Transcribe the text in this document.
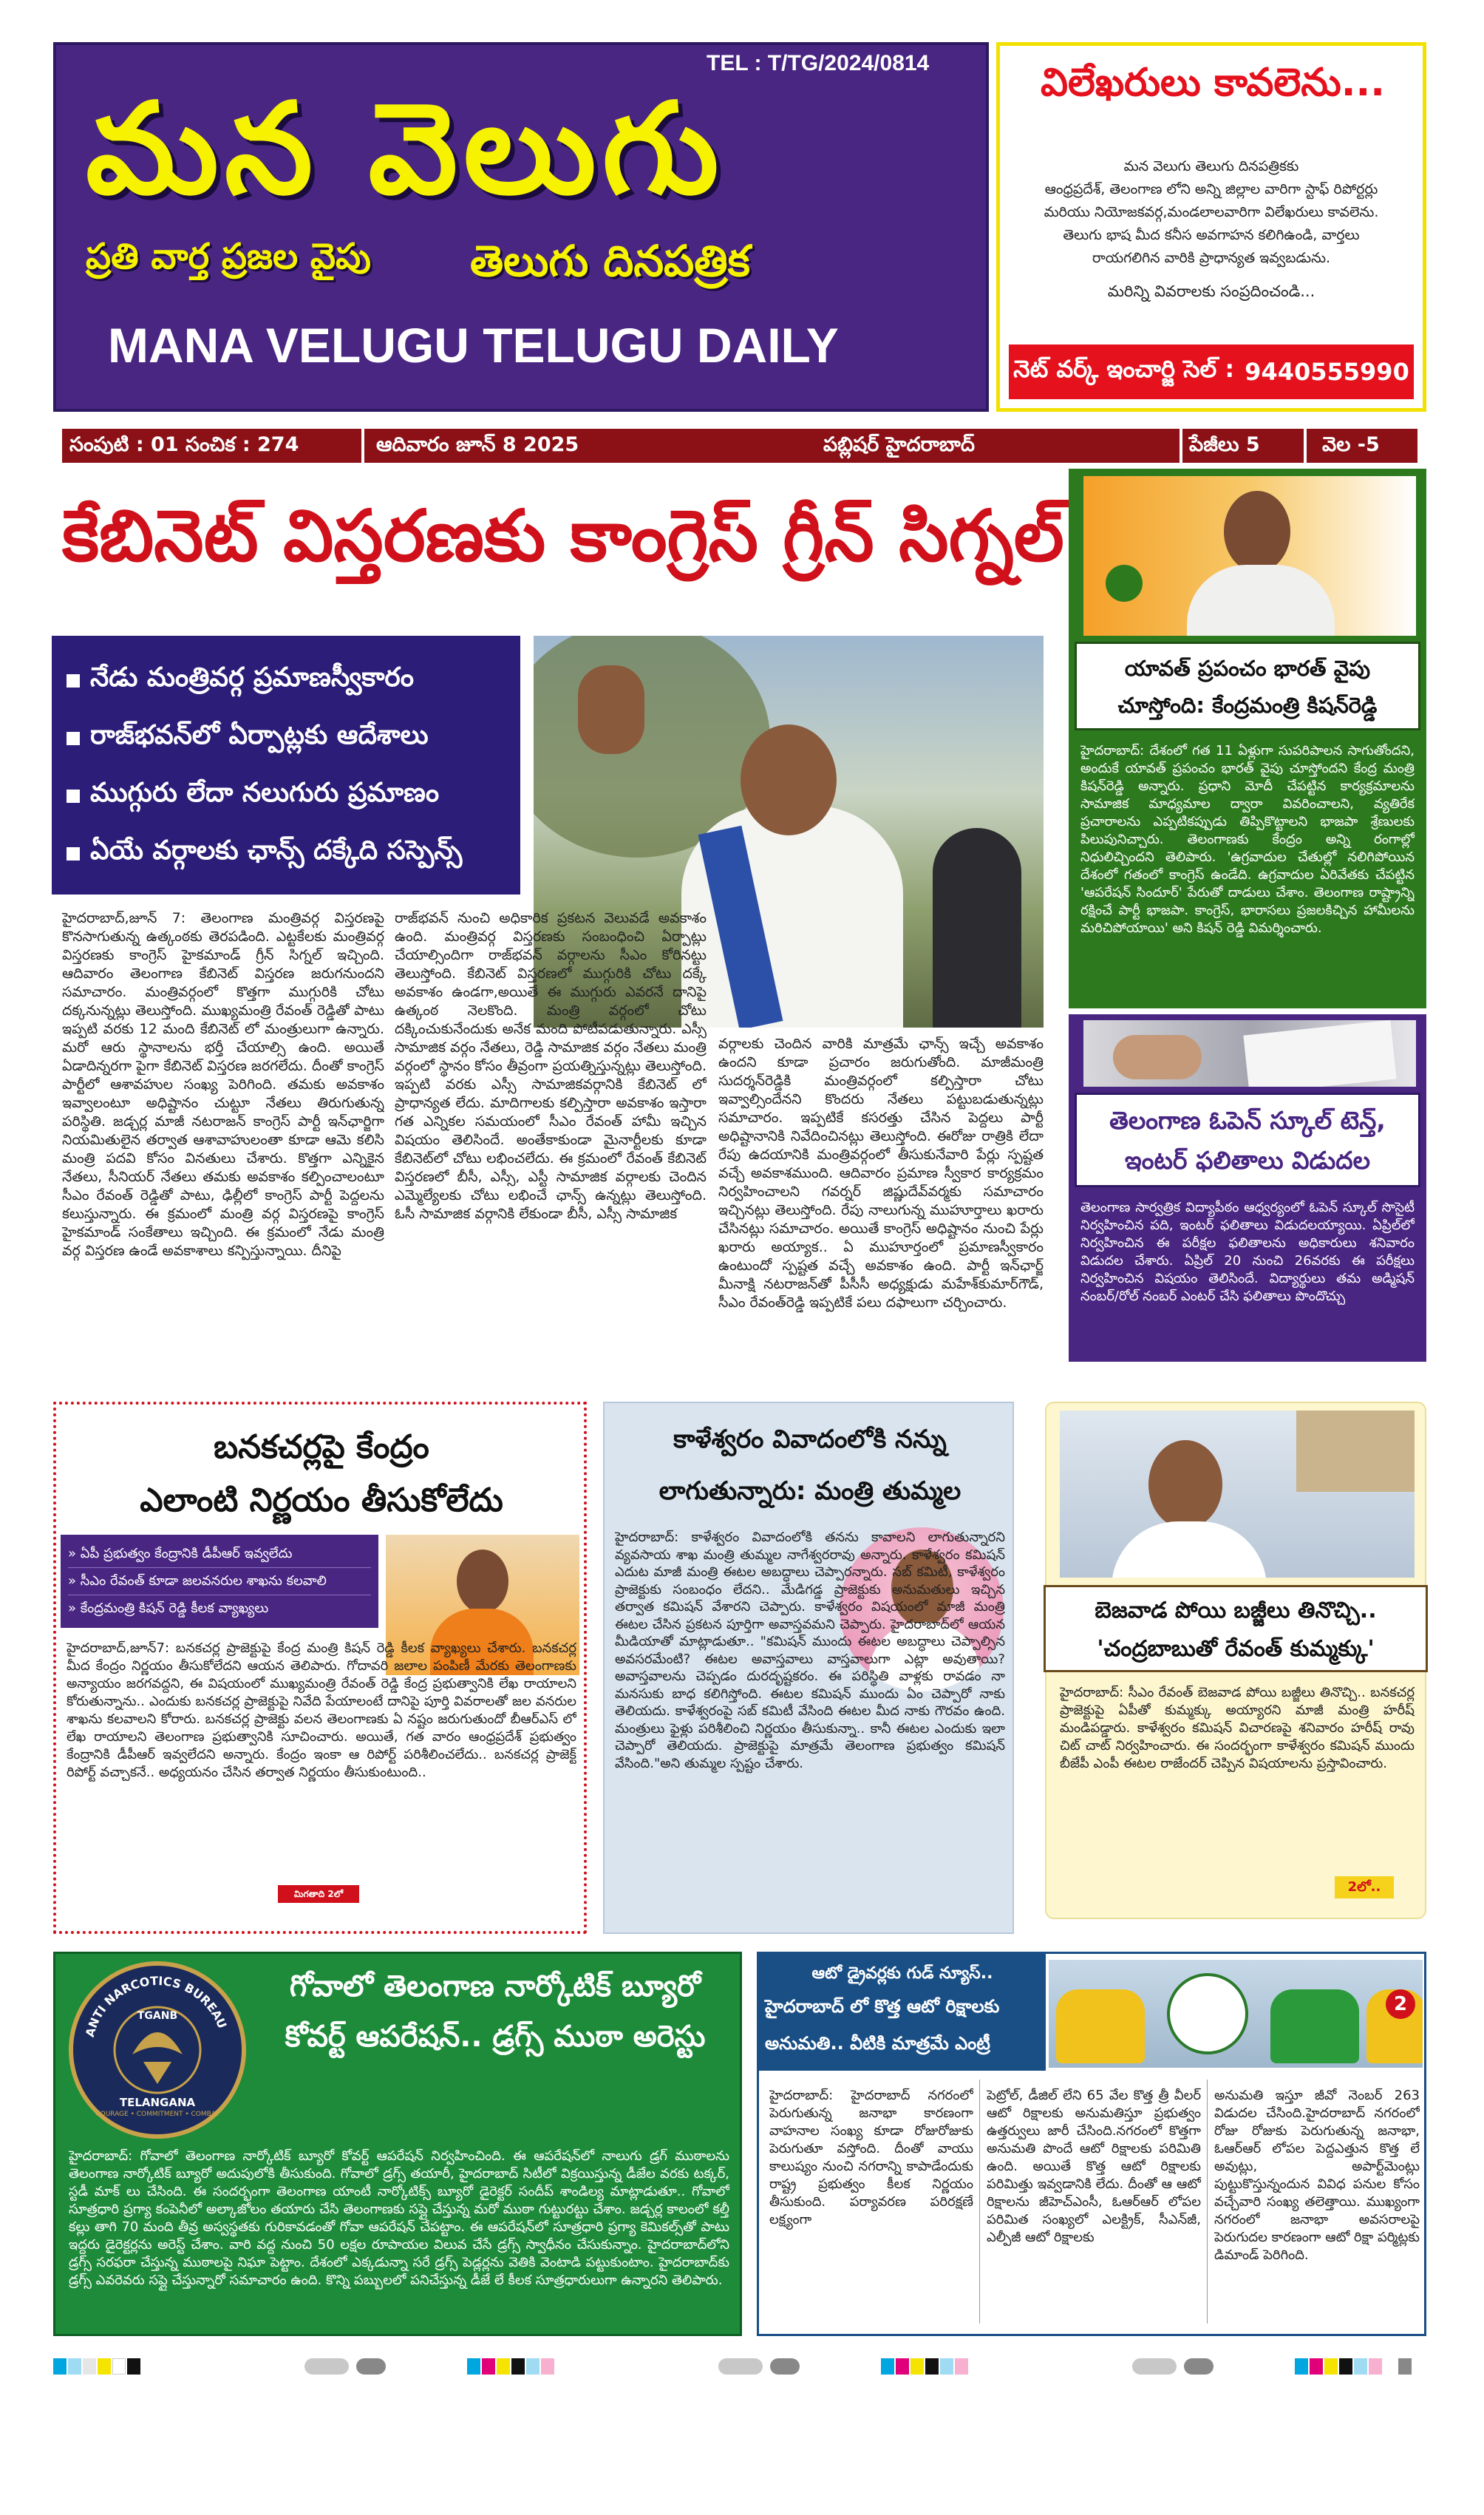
TEL : T/TG/2024/0814
మన వెలుగు
ప్రతి వార్త ప్రజల వైపు	తెలుగు దినపత్రిక
MANA VELUGU TELUGU DAILY
విలేఖరులు కావలెను...
మన వెలుగు తెలుగు దినపత్రికకు
ఆంధ్రప్రదేశ్, తెలంగాణ లోని అన్ని జిల్లాల వారిగా స్టాఫ్ రిపోర్టర్లు
మరియు నియోజకవర్గ,మండలాలవారిగా విలేఖరులు కావలెను.
తెలుగు భాష మీద కనీస అవగాహన కలిగిఉండి, వార్తలు
రాయగలిగిన వారికి ప్రాధాన్యత ఇవ్వబడును.
మరిన్ని వివరాలకు సంప్రదించండి...
నెట్ వర్క్ ఇంచార్జి సెల్ : 9440555990
సంపుటి : 01 సంచిక : 274	ఆదివారం జూన్ 8 2025	పబ్లిషర్ హైదరాబాద్	పేజీలు 5	వెల -5
కేబినెట్ విస్తరణకు కాంగ్రెస్ గ్రీన్ సిగ్నల్
నేడు మంత్రివర్గ ప్రమాణస్వీకారం
రాజ్‌భవన్‌లో ఏర్పాట్లకు ఆదేశాలు
ముగ్గురు లేదా నలుగురు ప్రమాణం
ఏయే వర్గాలకు ఛాన్స్ దక్కేది సస్పెన్స్

హైదరాబాద్,జూన్ 7: తెలంగాణ మంత్రివర్గ విస్తరణపై కొనసాగుతున్న ఉత్కంఠకు తెరపడింది. ఎట్టకేలకు మంత్రివర్గ విస్తరణకు కాంగ్రెస్ హైకమాండ్ గ్రీన్ సిగ్నల్ ఇచ్చింది. ఆదివారం తెలంగాణ కేబినెట్ విస్తరణ జరుగనుందని సమాచారం. మంత్రివర్గంలో కొత్తగా ముగ్గురికి చోటు దక్కనున్నట్లు తెలుస్తోంది. ముఖ్యమంత్రి రేవంత్ రెడ్డితో పాటు ఇప్పటి వరకు 12 మంది కేబినెట్ లో మంత్రులుగా ఉన్నారు. మరో ఆరు స్థానాలను భర్తీ చేయాల్సి ఉంది. అయితే ఏడాదిన్నరగా పైగా కేబినెట్ విస్తరణ జరగలేదు. దీంతో కాంగ్రెస్ పార్టీలో ఆశావహుల సంఖ్య పెరిగింది. తమకు అవకాశం ఇవ్వాలంటూ అధిష్టానం చుట్టూ నేతలు తిరుగుతున్న పరిస్థితి. జడ్చర్ల మాజీ నటరాజన్ కాంగ్రెస్ పార్టీ ఇన్‌ఛార్జిగా నియమితులైన తర్వాత ఆశావాహులంతా కూడా ఆమె కలిసి మంత్రి పదవి కోసం వినతులు చేశారు. కొత్తగా ఎన్నికైన నేతలు, సీనియర్ నేతలు తమకు అవకాశం కల్పించాలంటూ సీఎం రేవంత్ రెడ్డితో పాటు, ఢిల్లీలో కాంగ్రెస్ పార్టీ పెద్దలను కలుస్తున్నారు. ఈ క్రమంలో మంత్రి వర్గ విస్తరణపై కాంగ్రెస్ హైకమాండ్ సంకేతాలు ఇచ్చింది. ఈ క్రమంలో నేడు మంత్రి వర్గ విస్తరణ ఉండే అవకాశాలు కన్పిస్తున్నాయి. దీనిపై

రాజ్‌భవన్ నుంచి అధికారిక ప్రకటన వెలువడే అవకాశం ఉంది. మంత్రివర్గ విస్తరణకు సంబంధించి ఏర్పాట్లు చేయాల్సిందిగా రాజ్‌భవన్ వర్గాలను సీఎం కోరినట్టు తెలుస్తోంది. కేబినెట్ విస్తరణలో ముగ్గురికి చోటు దక్కే అవకాశం ఉండగా,అయితే ఈ ముగ్గురు ఎవరనే దానిపై ఉత్కంఠ నెలకొంది. మంత్రి వర్గంలో చోటు దక్కించుకునేందుకు అనేక మంది పోటీపడుతున్నారు. ఎస్సీ సామాజిక వర్గం నేతలు, రెడ్డి సామాజిక వర్గం నేతలు మంత్రి వర్గంలో స్థానం కోసం తీవ్రంగా ప్రయత్నిస్తున్నట్లు తెలుస్తోంది. ఇప్పటి వరకు ఎస్సీ సామాజికవర్గానికి కేబినెట్ లో ప్రాధాన్యత లేదు. మాదిగాలకు కల్పిస్తారా అవకాశం ఇస్తారా గత ఎన్నికల సమయంలో సీఎం రేవంత్ హామీ ఇచ్చిన విషయం తెలిసిందే. అంతేకాకుండా మైనార్టీలకు కూడా కేబినెట్‌లో చోటు లభించలేదు. ఈ క్రమంలో రేవంత్ కేబినెట్ విస్తరణలో బీసీ, ఎస్సీ, ఎస్టీ సామాజిక వర్గాలకు చెందిన ఎమ్మెల్యేలకు చోటు లభించే ఛాన్స్ ఉన్నట్లు తెలుస్తోంది. ఓసీ సామాజిక వర్గానికి లేకుండా బీసీ, ఎస్సీ సామాజిక

వర్గాలకు చెందిన వారికి మాత్రమే ఛాన్స్ ఇచ్చే అవకాశం ఉందని కూడా ప్రచారం జరుగుతోంది. మాజీమంత్రి సుదర్శన్‌రెడ్డికి మంత్రివర్గంలో కల్పిస్తారా చోటు ఇవ్వాల్సిందేనని కొందరు నేతలు పట్టుబడుతున్నట్లు సమాచారం. ఇప్పటికే కసరత్తు చేసిన పెద్దలు పార్టీ అధిష్టానానికి నివేదించినట్లు తెలుస్తోంది. ఈరోజు రాత్రికి లేదా రేపు ఉదయానికి మంత్రివర్గంలో తీసుకునేవారి పేర్లు స్పష్టత వచ్చే అవకాశముంది. ఆదివారం ప్రమాణ స్వీకార కార్యక్రమం నిర్వహించాలని గవర్నర్ జిష్ణుదేవ్‌వర్మకు సమాచారం ఇచ్చినట్లు తెలుస్తోంది. రేపు నాలుగున్న ముహూర్తాలు ఖరారు చేసినట్లు సమాచారం. అయితే కాంగ్రెస్ అధిష్టానం నుంచి పేర్లు ఖరారు అయ్యాక.. ఏ ముహూర్తంలో ప్రమాణస్వీకారం ఉంటుందో స్పష్టత వచ్చే అవకాశం ఉంది. పార్టీ ఇన్‌ఛార్జ్ మీనాక్షి నటరాజన్‌తో పీసీసీ అధ్యక్షుడు మహేశ్‌కుమార్‌గౌడ్, సీఎం రేవంత్‌రెడ్డి ఇప్పటికే పలు దఫాలుగా చర్చించారు.

యావత్ ప్రపంచం భారత్ వైపు
చూస్తోంది: కేంద్రమంత్రి కిషన్‌రెడ్డి
హైదరాబాద్: దేశంలో గత 11 ఏళ్లుగా సుపరిపాలన సాగుతోందని, అందుకే యావత్ ప్రపంచం భారత్ వైపు చూస్తోందని కేంద్ర మంత్రి కిషన్‌రెడ్డి అన్నారు. ప్రధాని మోదీ చేపట్టిన కార్యక్రమాలను సామాజిక మాధ్యమాల ద్వారా వివరించాలని, వ్యతిరేక ప్రచారాలను ఎప్పటికప్పుడు తిప్పికొట్టాలని భాజపా శ్రేణులకు పిలుపునిచ్చారు. తెలంగాణకు కేంద్రం అన్ని రంగాల్లో నిధులిచ్చిందని తెలిపారు. 'ఉగ్రవాదుల చేతుల్లో నలిగిపోయిన దేశంలో గతంలో కాంగ్రెస్ ఉండేది. ఉగ్రవాదుల ఏరివేతకు చేపట్టిన 'ఆపరేషన్ సిందూర్' పేరుతో దాడులు చేశాం. తెలంగాణ రాష్ట్రాన్ని రక్షించే పార్టీ భాజపా. కాంగ్రెస్, భారాసలు ప్రజలకిచ్చిన హామీలను మరిచిపోయాయి' అని కిషన్ రెడ్డి విమర్శించారు.
తెలంగాణ ఓపెన్ స్కూల్ టెన్త్,
ఇంటర్ ఫలితాలు విడుదల
తెలంగాణ సార్వత్రిక విద్యాపీఠం ఆధ్వర్యంలో ఓపెన్ స్కూల్ సొసైటీ నిర్వహించిన పది, ఇంటర్ ఫలితాలు విడుదలయ్యాయి. ఏప్రిల్‌లో నిర్వహించిన ఈ పరీక్షల ఫలితాలను అధికారులు శనివారం విడుదల చేశారు. ఏప్రిల్ 20 నుంచి 26వరకు ఈ పరీక్షలు నిర్వహించిన విషయం తెలిసిందే. విద్యార్థులు తమ అడ్మిషన్ నంబర్/రోల్ నంబర్ ఎంటర్ చేసి ఫలితాలు పొందొచ్చు
బనకచర్లపై కేంద్రం
ఎలాంటి నిర్ణయం తీసుకోలేదు
» ఏపీ ప్రభుత్వం కేంద్రానికి డీపీఆర్ ఇవ్వలేదు
» సీఎం రేవంత్ కూడా జలవనరుల శాఖను కలవాలి
» కేంద్రమంత్రి కిషన్ రెడ్డి కీలక వ్యాఖ్యలు
హైదరాబాద్,జూన్7: బనకచర్ల ప్రాజెక్టుపై కేంద్ర మంత్రి కిషన్ రెడ్డి కీలక వ్యాఖ్యలు చేశారు. బనకచర్ల మీద కేంద్రం నిర్ణయం తీసుకోలేదని ఆయన తెలిపారు. గోదావరి జలాల పంపిణీ మేరకు తెలంగాణకు అన్యాయం జరగవద్దని, ఈ విషయంలో ముఖ్యమంత్రి రేవంత్ రెడ్డి కేంద్ర ప్రభుత్వానికి లేఖ రాయాలని కోరుతున్నాను.. ఎందుకు బనకచర్ల ప్రాజెక్టుపై నివేది పేయాలంటే దానిపై పూర్తి వివరాలతో జల వనరుల శాఖను కలవాలని కోరారు. బనకచర్ల ప్రాజెక్టు వలన తెలంగాణకు ఏ నష్టం జరుగుతుందో బీఆర్ఎస్ లో లేఖ రాయాలని తెలంగాణ ప్రభుత్వానికి సూచించారు. అయితే, గత వారం ఆంధ్రప్రదేశ్ ప్రభుత్వం కేంద్రానికి డీపీఆర్ ఇవ్వలేదని అన్నారు. కేంద్రం ఇంకా ఆ రిపోర్ట్ పరిశీలించలేదు.. బనకచర్ల ప్రాజెక్ట్ రిపోర్ట్ వచ్చాకనే.. అధ్యయనం చేసిన తర్వాత నిర్ణయం తీసుకుంటుంది..
మిగతాది 2లో
కాళేశ్వరం వివాదంలోకి నన్ను
లాగుతున్నారు: మంత్రి తుమ్మల
హైదరాబాద్: కాళేశ్వరం వివాదంలోకి తనను కావాలని లాగుతున్నారని వ్యవసాయ శాఖ మంత్రి తుమ్మల నాగేశ్వరరావు అన్నారు. కాళేశ్వరం కమిషన్ ఎదుట మాజీ మంత్రి ఈటల అబద్ధాలు చెప్పారన్నారు. సబ్ కమిటీ, కాళేశ్వరం ప్రాజెక్టుకు సంబంధం లేదని.. మేడిగడ్డ ప్రాజెక్టుకు అనుమతులు ఇచ్చిన తర్వాత కమిషన్ వేశారని చెప్పారు. కాళేశ్వరం విషయంలో మాజీ మంత్రి ఈటల చేసిన ప్రకటన పూర్తిగా అవాస్తవమని చెప్పారు. హైదరాబాద్‌లో ఆయన మీడియాతో మాట్లాడుతూ.. "కమిషన్ ముందు ఈటల అబద్ధాలు చెప్పాల్సిన అవసరమేంటి? ఈటల అవాస్తవాలు వాస్తవాలుగా ఎట్లా అవుతాయి? అవాస్తవాలను చెప్పడం దురదృష్టకరం. ఈ పరిస్థితి వాళ్లకు రావడం నా మనసుకు బాధ కలిగిస్తోంది. ఈటల కమిషన్ ముందు ఏం చెప్పారో నాకు తెలియదు. కాళేశ్వరంపై సబ్ కమిటీ వేసింది ఈటల మీద నాకు గౌరవం ఉంది. మంత్రులు ఫైళ్లు పరిశీలించి నిర్ణయం తీసుకున్నా.. కానీ ఈటల ఎందుకు ఇలా చెప్పారో తెలియదు. ప్రాజెక్టుపై మాత్రమే తెలంగాణ ప్రభుత్వం కమిషన్ వేసింది."అని తుమ్మల స్పష్టం చేశారు.
బెజవాడ పోయి బజ్జీలు తినొచ్చి..
'చంద్రబాబుతో రేవంత్ కుమ్మక్కు'
హైదరాబాద్: సీఎం రేవంత్ బెజవాడ పోయి బజ్జీలు తినొచ్చి.. బనకచర్ల ప్రాజెక్టుపై ఏపీతో కుమ్మక్కు అయ్యారని మాజీ మంత్రి హరీష్ మండిపడ్డారు. కాళేశ్వరం కమిషన్ విచారణపై శనివారం హరీష్ రావు చిట్ చాట్ నిర్వహించారు. ఈ సందర్భంగా కాళేశ్వరం కమిషన్ ముందు బీజేపీ ఎంపీ ఈటల రాజేందర్ చెప్పిన విషయాలను ప్రస్తావించారు.
2లో..
ANTI NARCOTICS BUREAU
TGANB
TELANGANA
COURAGE • COMMITMENT • COMBAT
గోవాలో తెలంగాణ నార్కోటిక్ బ్యూరో
కోవర్ట్ ఆపరేషన్.. డ్రగ్స్ ముఠా అరెస్టు
హైదరాబాద్: గోవాలో తెలంగాణ నార్కోటిక్ బ్యూరో కోవర్ట్ ఆపరేషన్ నిర్వహించింది. ఈ ఆపరేషన్‌లో నాలుగు డ్రగ్ ముఠాలను తెలంగాణ నార్కోటిక్ బ్యూరో అదుపులోకి తీసుకుంది. గోవాలో డ్రగ్స్ తయారీ, హైదరాబాద్ సిటీలో విక్రయిస్తున్న డీజేల వరకు టక్కర్, స్టడీ మాక్ లు చేసింది. ఈ సందర్భంగా తెలంగాణ యాంటీ నార్కోటిక్స్ బ్యూరో డైరెక్టర్ సందీప్ శాండిల్య మాట్లాడుతూ.. గోవాలో సూత్రధారి ప్రగ్యా కంపెనీలో అల్కాజోలం తయారు చేసి తెలంగాణకు సప్లై చేస్తున్న మరో ముఠా గుట్టురట్టు చేశాం. జడ్చర్ల కాలంలో కల్తీ కల్లు తాగి 70 మంది తీవ్ర అస్వస్థతకు గురికావడంతో గోవా ఆపరేషన్ చేపట్టాం. ఈ ఆపరేషన్‌లో సూత్రధారి ప్రగ్యా కెమికల్స్‌తో పాటు ఇద్దరు డైరెక్టర్లను అరెస్ట్ చేశాం. వారి వద్ద నుంచి 50 లక్షల రూపాయల విలువ చేసే డ్రగ్స్ స్వాధీనం చేసుకున్నాం. హైదరాబాద్‌లోని డ్రగ్స్ సరఫరా చేస్తున్న ముఠాలపై నిఘా పెట్టాం. దేశంలో ఎక్కడున్నా సరే డ్రగ్స్ పెడ్లర్లను వెతికి వెంటాడి పట్టుకుంటాం. హైదరాబాద్‌కు డ్రగ్స్ ఎవరెవరు సప్లై చేస్తున్నారో సమాచారం ఉంది. కొన్ని పబ్బులలో పనిచేస్తున్న డీజే లే కీలక సూత్రధారులుగా ఉన్నారని తెలిపారు.
ఆటో డ్రైవర్లకు గుడ్ న్యూస్..
హైదరాబాద్ లో కొత్త ఆటో రిక్షాలకు
అనుమతి.. వీటికి మాత్రమే ఎంట్రీ
2
హైదరాబాద్: హైదరాబాద్ నగరంలో పెరుగుతున్న జనాభా కారణంగా వాహనాల సంఖ్య కూడా రోజురోజుకు పెరుగుతూ వస్తోంది. దీంతో వాయు కాలుష్యం నుంచి నగరాన్ని కాపాడేందుకు రాష్ట్ర ప్రభుత్వం కీలక నిర్ణయం తీసుకుంది. పర్యావరణ పరిరక్షణే లక్ష్యంగా
పెట్రోల్, డీజిల్ లేని 65 వేల కొత్త త్రీ వీలర్ ఆటో రిక్షాలకు అనుమతిస్తూ ప్రభుత్వం ఉత్తర్వులు జారీ చేసింది.నగరంలో కొత్తగా అనుమతి పొందే ఆటో రిక్షాలకు పరిమితి ఉంది. అయితే కొత్త ఆటో రిక్షాలకు పరిమిత్తు ఇవ్వడానికి లేదు. దీంతో ఆ ఆటో రిక్షాలను జీహెచ్ఎంసీ, ఓఆర్ఆర్ లోపల పరిమిత సంఖ్యలో ఎలక్ట్రిక్, సీఎన్‌జీ, ఎల్పీజీ ఆటో రిక్షాలకు
అనుమతి ఇస్తూ జీవో నెంబర్ 263 విడుదల చేసింది.హైదరాబాద్ నగరంలో రోజు రోజుకు పెరుగుతున్న జనాభా, ఓఆర్ఆర్ లోపల పెద్దఎత్తున కొత్త లే అవుట్లు, అపార్ట్‌మెంట్లు పుట్టుకొస్తున్నందున వివిధ పనుల కోసం వచ్చేవారి సంఖ్య తలెత్తాయి. ముఖ్యంగా నగరంలో జనాభా అవసరాలపై పెరుగుదల కారణంగా ఆటో రిక్షా పర్మిట్లకు డిమాండ్ పెరిగింది.
